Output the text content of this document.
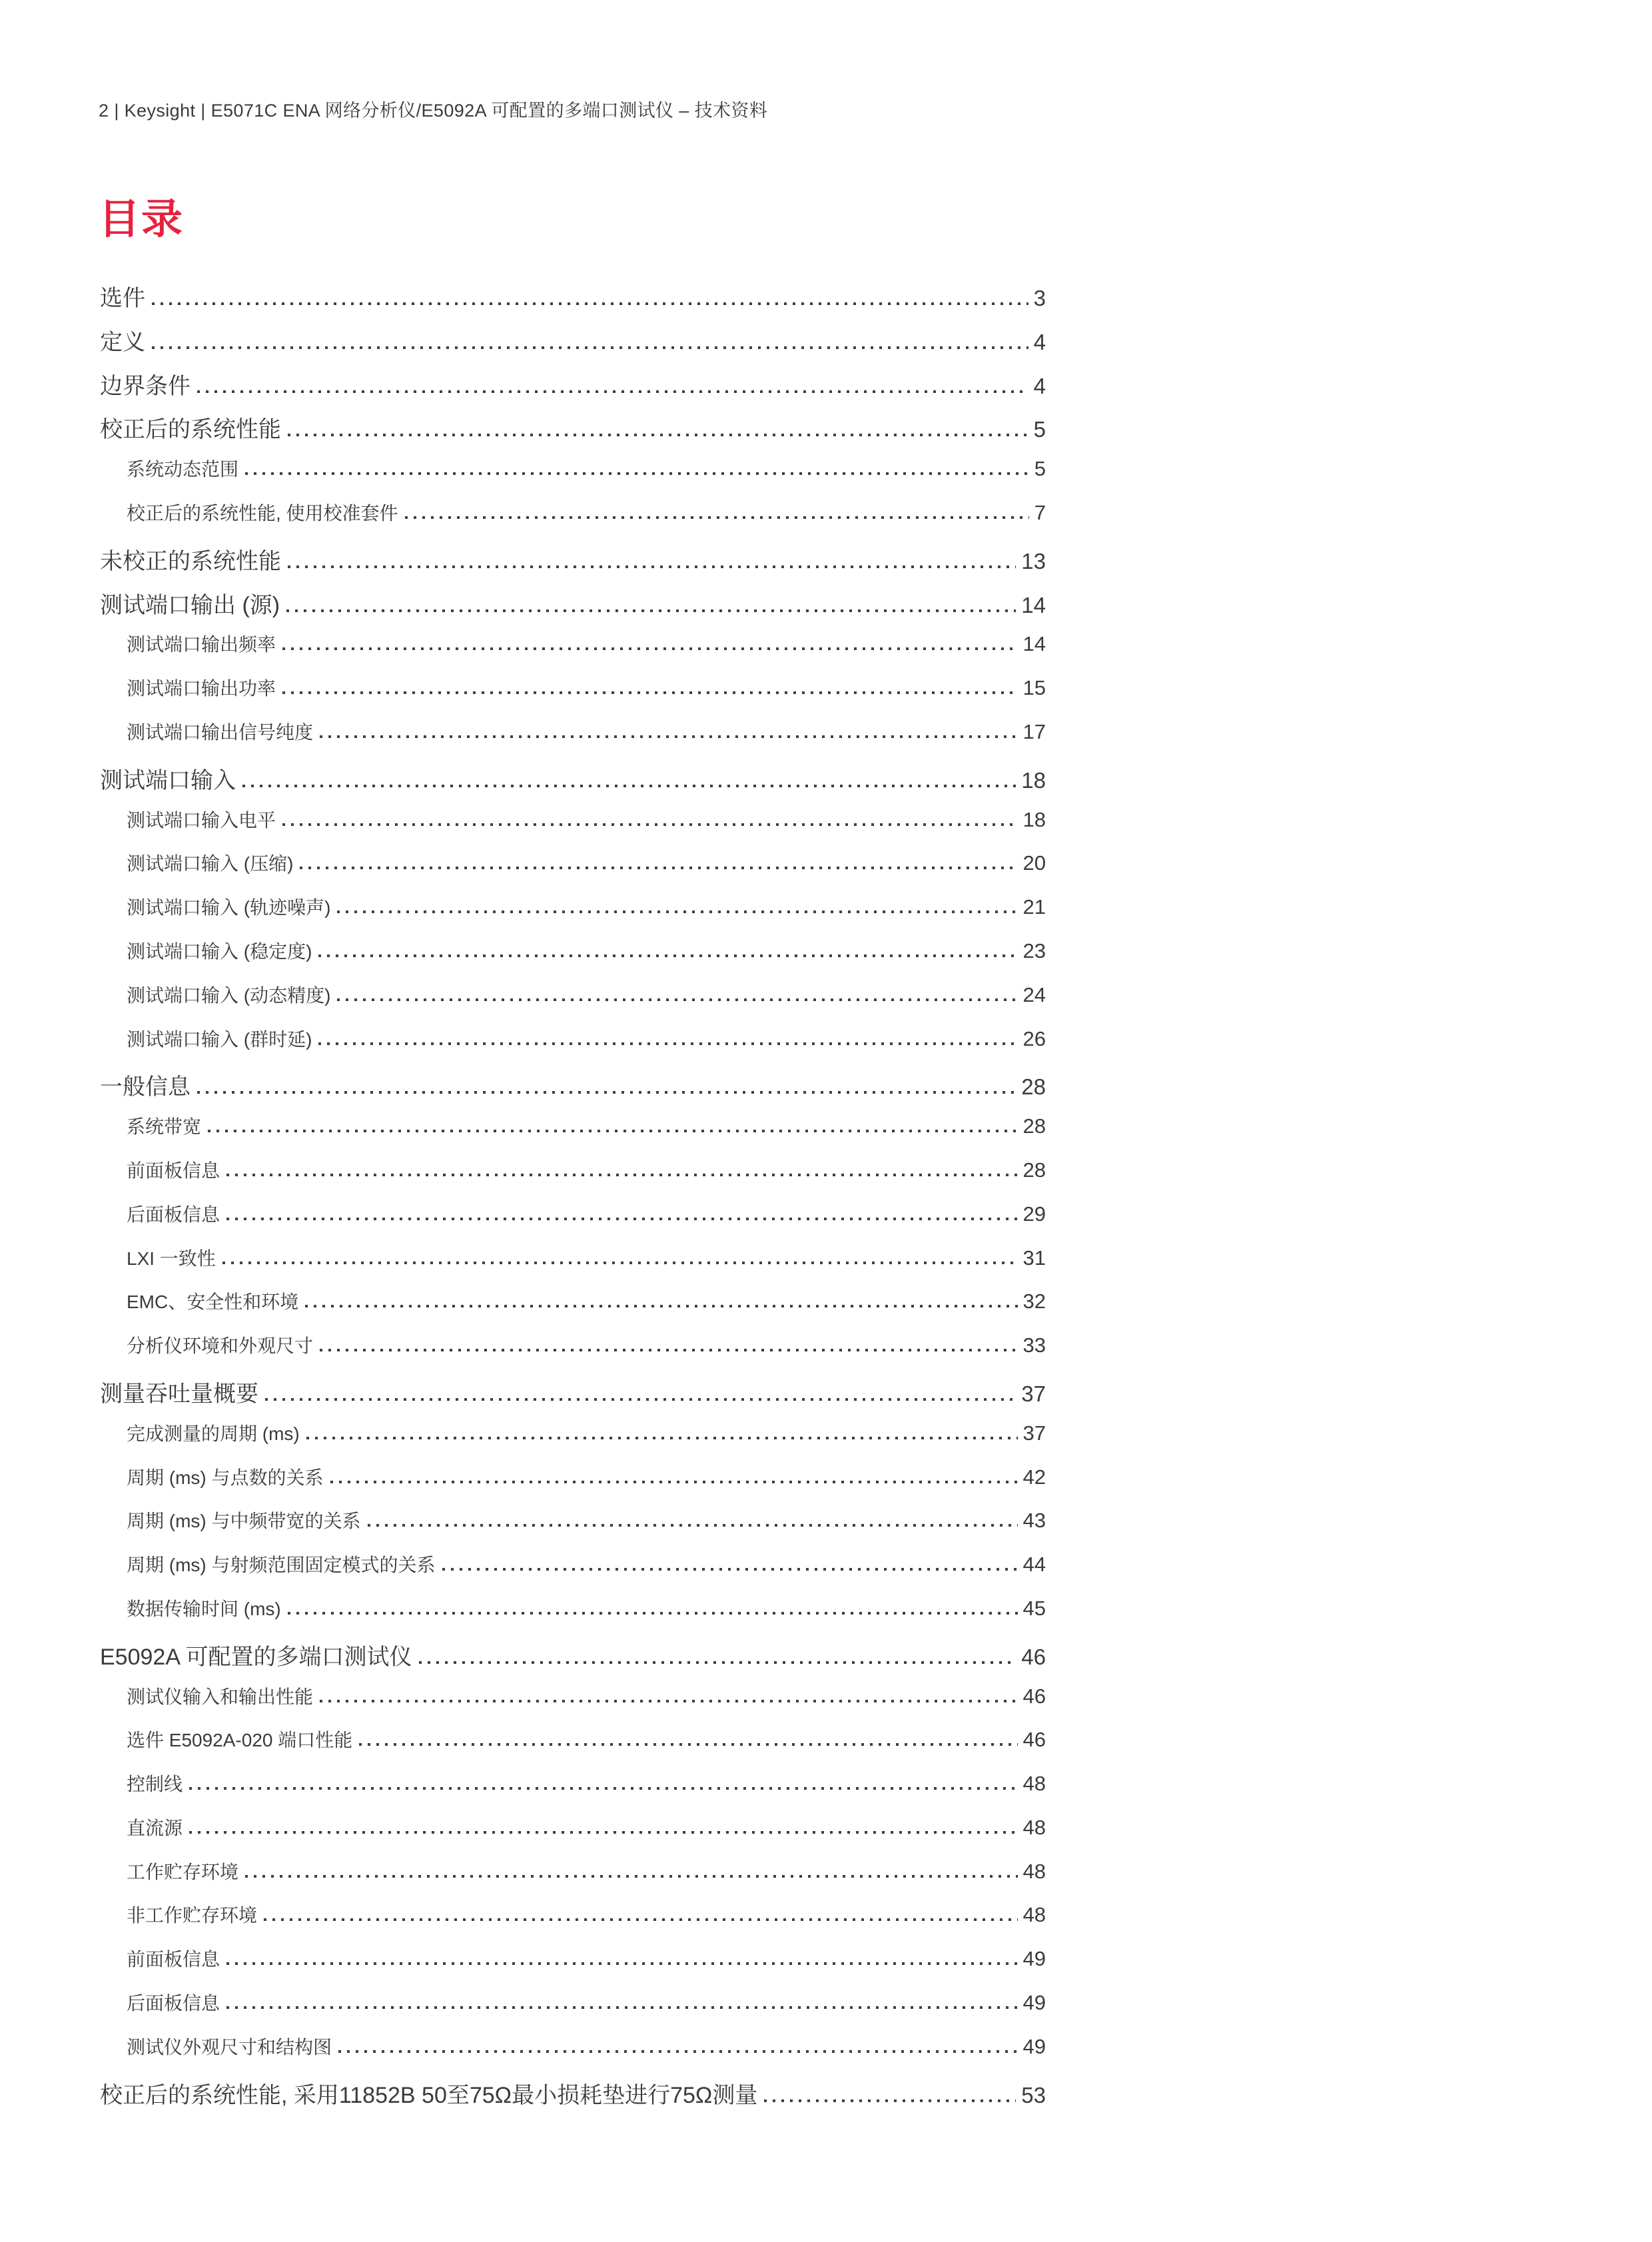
2 | Keysight | E5071C ENA 网络分析仪/E5092A 可配置的多端口测试仪 – 技术资料
目录
选件	3
定义	4
边界条件	4
校正后的系统性能	5
系统动态范围	5
校正后的系统性能, 使用校准套件	7
未校正的系统性能	13
测试端口输出 (源)	14
测试端口输出频率	14
测试端口输出功率	15
测试端口输出信号纯度	17
测试端口输入	18
测试端口输入电平	18
测试端口输入 (压缩)	20
测试端口输入 (轨迹噪声)	21
测试端口输入 (稳定度)	23
测试端口输入 (动态精度)	24
测试端口输入 (群时延)	26
一般信息	28
系统带宽	28
前面板信息	28
后面板信息	29
LXI 一致性	31
EMC、安全性和环境	32
分析仪环境和外观尺寸	33
测量吞吐量概要	37
完成测量的周期 (ms)	37
周期 (ms) 与点数的关系	42
周期 (ms) 与中频带宽的关系	43
周期 (ms) 与射频范围固定模式的关系	44
数据传输时间 (ms)	45
E5092A 可配置的多端口测试仪	46
测试仪输入和输出性能	46
选件 E5092A-020 端口性能	46
控制线	48
直流源	48
工作贮存环境	48
非工作贮存环境	48
前面板信息	49
后面板信息	49
测试仪外观尺寸和结构图	49
校正后的系统性能, 采用11852B 50至75Ω最小损耗垫进行75Ω测量	53
